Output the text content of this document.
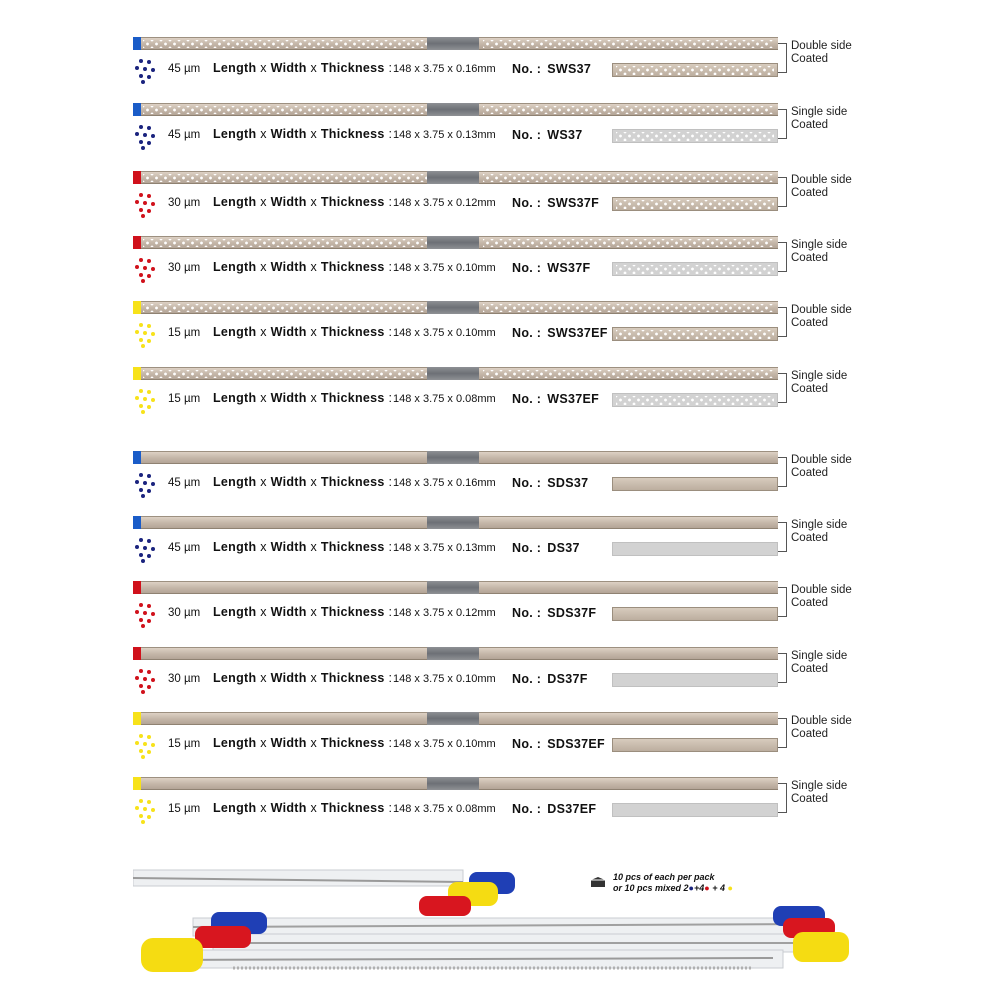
Double side
Coated
45 µm Length x Width x Thickness : 148 x 3.75 x 0.16mm No. : SWS37
Single side
Coated
45 µm Length x Width x Thickness : 148 x 3.75 x 0.13mm No. : WS37
Double side
Coated
30 µm Length x Width x Thickness : 148 x 3.75 x 0.12mm No. : SWS37F
Single side
Coated
30 µm Length x Width x Thickness : 148 x 3.75 x 0.10mm No. : WS37F
Double side
Coated
15 µm Length x Width x Thickness : 148 x 3.75 x 0.10mm No. : SWS37EF
Single side
Coated
15 µm Length x Width x Thickness : 148 x 3.75 x 0.08mm No. : WS37EF
Double side
Coated
45 µm Length x Width x Thickness : 148 x 3.75 x 0.16mm No. : SDS37
Single side
Coated
45 µm Length x Width x Thickness : 148 x 3.75 x 0.13mm No. : DS37
Double side
Coated
30 µm Length x Width x Thickness : 148 x 3.75 x 0.12mm No. : SDS37F
Single side
Coated
30 µm Length x Width x Thickness : 148 x 3.75 x 0.10mm No. : DS37F
Double side
Coated
15 µm Length x Width x Thickness : 148 x 3.75 x 0.10mm No. : SDS37EF
Single side
Coated
15 µm Length x Width x Thickness : 148 x 3.75 x 0.08mm No. : DS37EF
10 pcs of each per pack
or 10 pcs mixed 2●+4● + 4 ●
